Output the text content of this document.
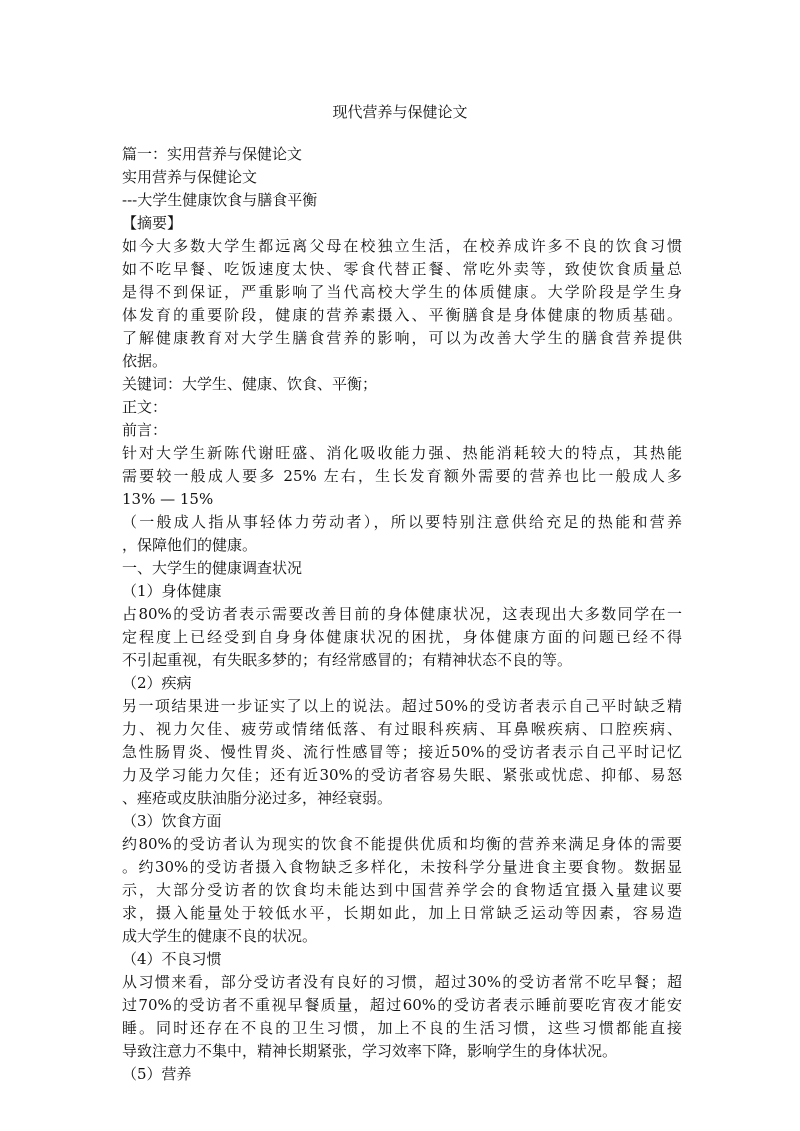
现代营养与保健论文
篇一：实用营养与保健论文
实用营养与保健论文
---大学生健康饮食与膳食平衡
【摘要】
如今大多数大学生都远离父母在校独立生活，在校养成许多不良的饮食习惯
如不吃早餐、吃饭速度太快、零食代替正餐、常吃外卖等，致使饮食质量总
是得不到保证，严重影响了当代高校大学生的体质健康。大学阶段是学生身
体发育的重要阶段，健康的营养素摄入、平衡膳食是身体健康的物质基础。
了解健康教育对大学生膳食营养的影响，可以为改善大学生的膳食营养提供
依据。
关键词：大学生、健康、饮食、平衡；
正文：
前言：
针对大学生新陈代谢旺盛、消化吸收能力强、热能消耗较大的特点，其热能
需要较一般成人要多 25% 左右，生长发育额外需要的营养也比一般成人多
13% — 15%
（一般成人指从事轻体力劳动者），所以要特别注意供给充足的热能和营养
，保障他们的健康。
一、大学生的健康调查状况
（1）身体健康
占80%的受访者表示需要改善目前的身体健康状况，这表现出大多数同学在一
定程度上已经受到自身身体健康状况的困扰，身体健康方面的问题已经不得
不引起重视，有失眠多梦的；有经常感冒的；有精神状态不良的等。
（2）疾病
另一项结果进一步证实了以上的说法。超过50%的受访者表示自己平时缺乏精
力、视力欠佳、疲劳或情绪低落、有过眼科疾病、耳鼻喉疾病、口腔疾病、
急性肠胃炎、慢性胃炎、流行性感冒等；接近50%的受访者表示自己平时记忆
力及学习能力欠佳；还有近30%的受访者容易失眠、紧张或忧虑、抑郁、易怒
、痤疮或皮肤油脂分泌过多，神经衰弱。
（3）饮食方面
约80%的受访者认为现实的饮食不能提供优质和均衡的营养来满足身体的需要
。约30%的受访者摄入食物缺乏多样化，未按科学分量进食主要食物。数据显
示，大部分受访者的饮食均未能达到中国营养学会的食物适宜摄入量建议要
求，摄入能量处于较低水平，长期如此，加上日常缺乏运动等因素，容易造
成大学生的健康不良的状况。
（4）不良习惯
从习惯来看，部分受访者没有良好的习惯，超过30%的受访者常不吃早餐；超
过70%的受访者不重视早餐质量，超过60%的受访者表示睡前要吃宵夜才能安
睡。同时还存在不良的卫生习惯，加上不良的生活习惯，这些习惯都能直接
导致注意力不集中，精神长期紧张，学习效率下降，影响学生的身体状况。
（5）营养
